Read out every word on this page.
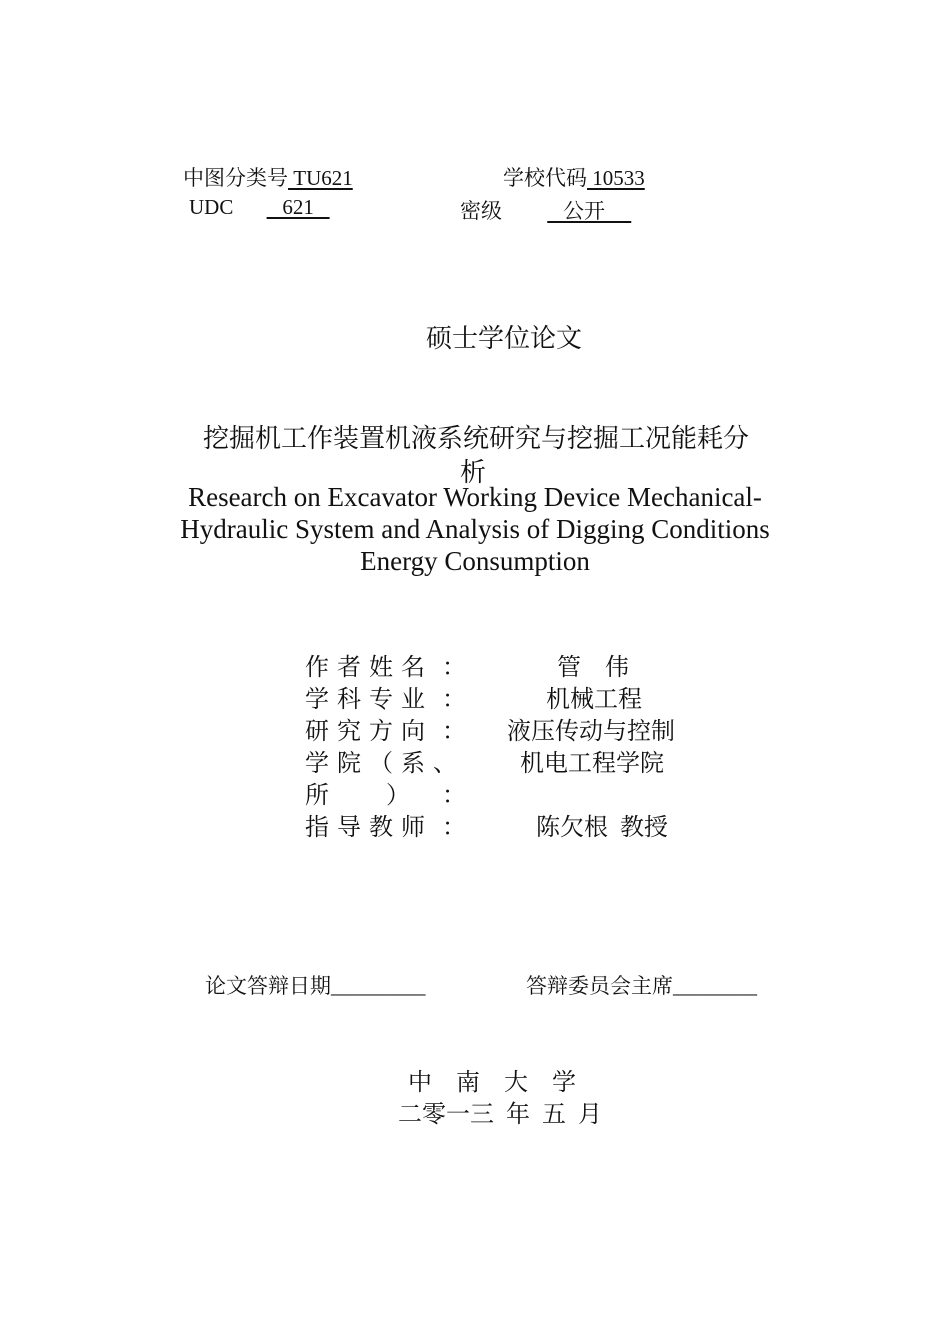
中图分类号 TU621	学校代码 10533
UDC    621	密级    公开
硕士学位论文
挖掘机工作装置机液系统研究与挖掘工况能耗分
析
Research on Excavator Working Device Mechanical-
Hydraulic System and Analysis of Digging Conditions
Energy Consumption
作 者 姓 名 ：	管    伟
学 科 专 业 ：	机械工程
研 究 方 向 ： 液压传动与控制
学 院 （ 系 、	机电工程学院
所        ） ：
指 导 教 师 ：	陈欠根  教授
论文答辩日期_________	答辩委员会主席________
中    南    大    学
二零一三  年  五  月
